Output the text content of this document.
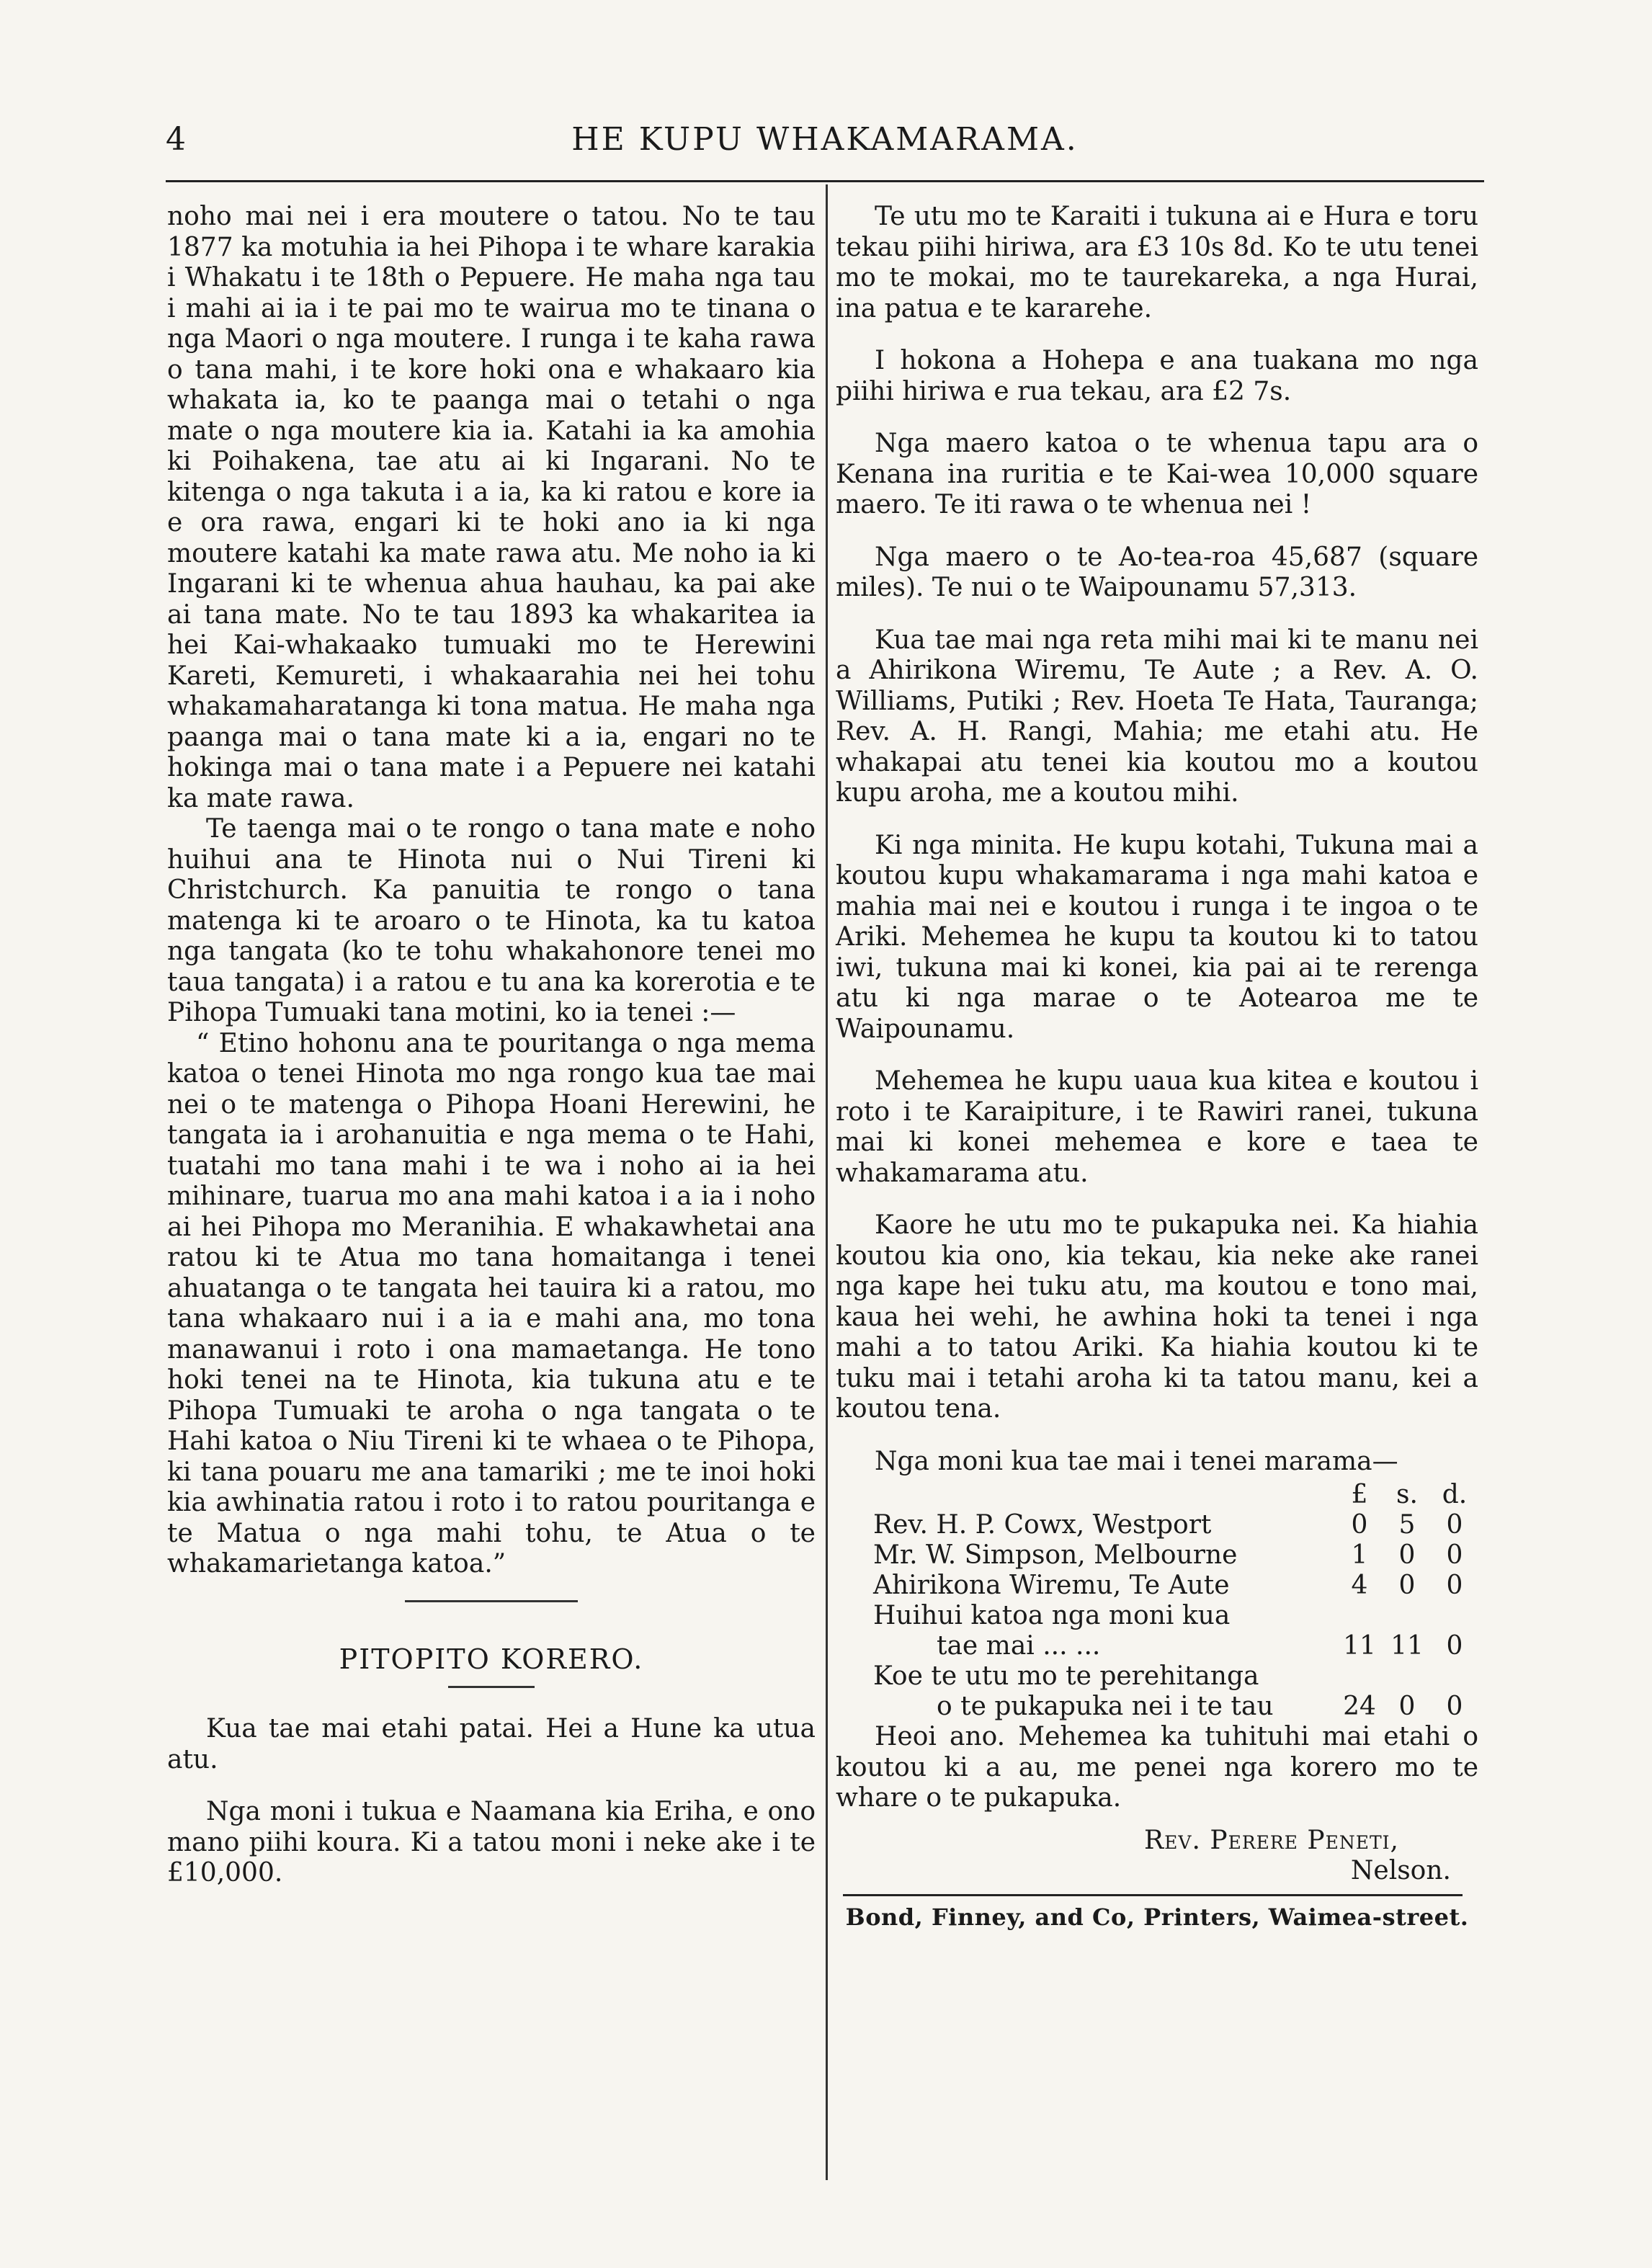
4	HE KUPU WHAKAMARAMA.

noho mai nei i era moutere o tatou. No te tau 1877 ka motuhia ia hei Pihopa i te whare karakia i Whakatu i te 18th o Pepuere. He maha nga tau i mahi ai ia i te pai mo te wairua mo te tinana o nga Maori o nga moutere. I runga i te kaha rawa o tana mahi, i te kore hoki ona e whakaaro kia whakata ia, ko te paanga mai o tetahi o nga mate o nga moutere kia ia. Katahi ia ka amohia ki Poihakena, tae atu ai ki Ingarani. No te kitenga o nga takuta i a ia, ka ki ratou e kore ia e ora rawa, engari ki te hoki ano ia ki nga moutere katahi ka mate rawa atu. Me noho ia ki Ingarani ki te whenua ahua hauhau, ka pai ake ai tana mate. No te tau 1893 ka whakaritea ia hei Kai-whakaako tumuaki mo te Herewini Kareti, Kemureti, i whakaarahia nei hei tohu whakamaharatanga ki tona matua. He maha nga paanga mai o tana mate ki a ia, engari no te hokinga mai o tana mate i a Pepuere nei katahi ka mate rawa.

Te taenga mai o te rongo o tana mate e noho huihui ana te Hinota nui o Nui Tireni ki Christchurch. Ka panuitia te rongo o tana matenga ki te aroaro o te Hinota, ka tu katoa nga tangata (ko te tohu whakahonore tenei mo taua tangata) i a ratou e tu ana ka korerotia e te Pihopa Tumuaki tana motini, ko ia tenei :—

“ Etino hohonu ana te pouritanga o nga mema katoa o tenei Hinota mo nga rongo kua tae mai nei o te matenga o Pihopa Hoani Herewini, he tangata ia i arohanuitia e nga mema o te Hahi, tuatahi mo tana mahi i te wa i noho ai ia hei mihinare, tuarua mo ana mahi katoa i a ia i noho ai hei Pihopa mo Meranihia. E whakawhetai ana ratou ki te Atua mo tana homaitanga i tenei ahuatanga o te tangata hei tauira ki a ratou, mo tana whakaaro nui i a ia e mahi ana, mo tona manawanui i roto i ona mamaetanga. He tono hoki tenei na te Hinota, kia tukuna atu e te Pihopa Tumuaki te aroha o nga tangata o te Hahi katoa o Niu Tireni ki te whaea o te Pihopa, ki tana pouaru me ana tamariki ; me te inoi hoki kia awhinatia ratou i roto i to ratou pouritanga e te Matua o nga mahi tohu, te Atua o te whakamarietanga katoa.”

PITOPITO KORERO.

Kua tae mai etahi patai. Hei a Hune ka utua atu.

Nga moni i tukua e Naamana kia Eriha, e ono mano piihi koura. Ki a tatou moni i neke ake i te £10,000.

Te utu mo te Karaiti i tukuna ai e Hura e toru tekau piihi hiriwa, ara £3 10s 8d. Ko te utu tenei mo te mokai, mo te taurekareka, a nga Hurai, ina patua e te kararehe.

I hokona a Hohepa e ana tuakana mo nga piihi hiriwa e rua tekau, ara £2 7s.

Nga maero katoa o te whenua tapu ara o Kenana ina ruritia e te Kai-wea 10,000 square maero. Te iti rawa o te whenua nei !

Nga maero o te Ao-tea-roa 45,687 (square miles). Te nui o te Waipounamu 57,313.

Kua tae mai nga reta mihi mai ki te manu nei a Ahirikona Wiremu, Te Aute ; a Rev. A. O. Williams, Putiki ; Rev. Hoeta Te Hata, Tauranga; Rev. A. H. Rangi, Mahia; me etahi atu. He whakapai atu tenei kia koutou mo a koutou kupu aroha, me a koutou mihi.

Ki nga minita. He kupu kotahi, Tukuna mai a koutou kupu whakamarama i nga mahi katoa e mahia mai nei e koutou i runga i te ingoa o te Ariki. Mehemea he kupu ta koutou ki to tatou iwi, tukuna mai ki konei, kia pai ai te rerenga atu ki nga marae o te Aotearoa me te Waipounamu.

Mehemea he kupu uaua kua kitea e koutou i roto i te Karaipiture, i te Rawiri ranei, tukuna mai ki konei mehemea e kore e taea te whakamarama atu.

Kaore he utu mo te pukapuka nei. Ka hiahia koutou kia ono, kia tekau, kia neke ake ranei nga kape hei tuku atu, ma koutou e tono mai, kaua hei wehi, he awhina hoki ta tenei i nga mahi a to tatou Ariki. Ka hiahia koutou ki te tuku mai i tetahi aroha ki ta tatou manu, kei a koutou tena.

Nga moni kua tae mai i tenei marama—

	£	s.	d.
Rev. H. P. Cowx, Westport	0	5	0
Mr. W. Simpson, Melbourne	1	0	0
Ahirikona Wiremu, Te Aute	4	0	0
Huihui katoa nga moni kua			
tae mai ... ...	11	11	0
Koe te utu mo te perehitanga			
o te pukapuka nei i te tau	24	0	0

Heoi ano. Mehemea ka tuhituhi mai etahi o koutou ki a au, me penei nga korero mo te whare o te pukapuka.

Rev. Perere Peneti,
Nelson.
Bond, Finney, and Co, Printers, Waimea-street.
